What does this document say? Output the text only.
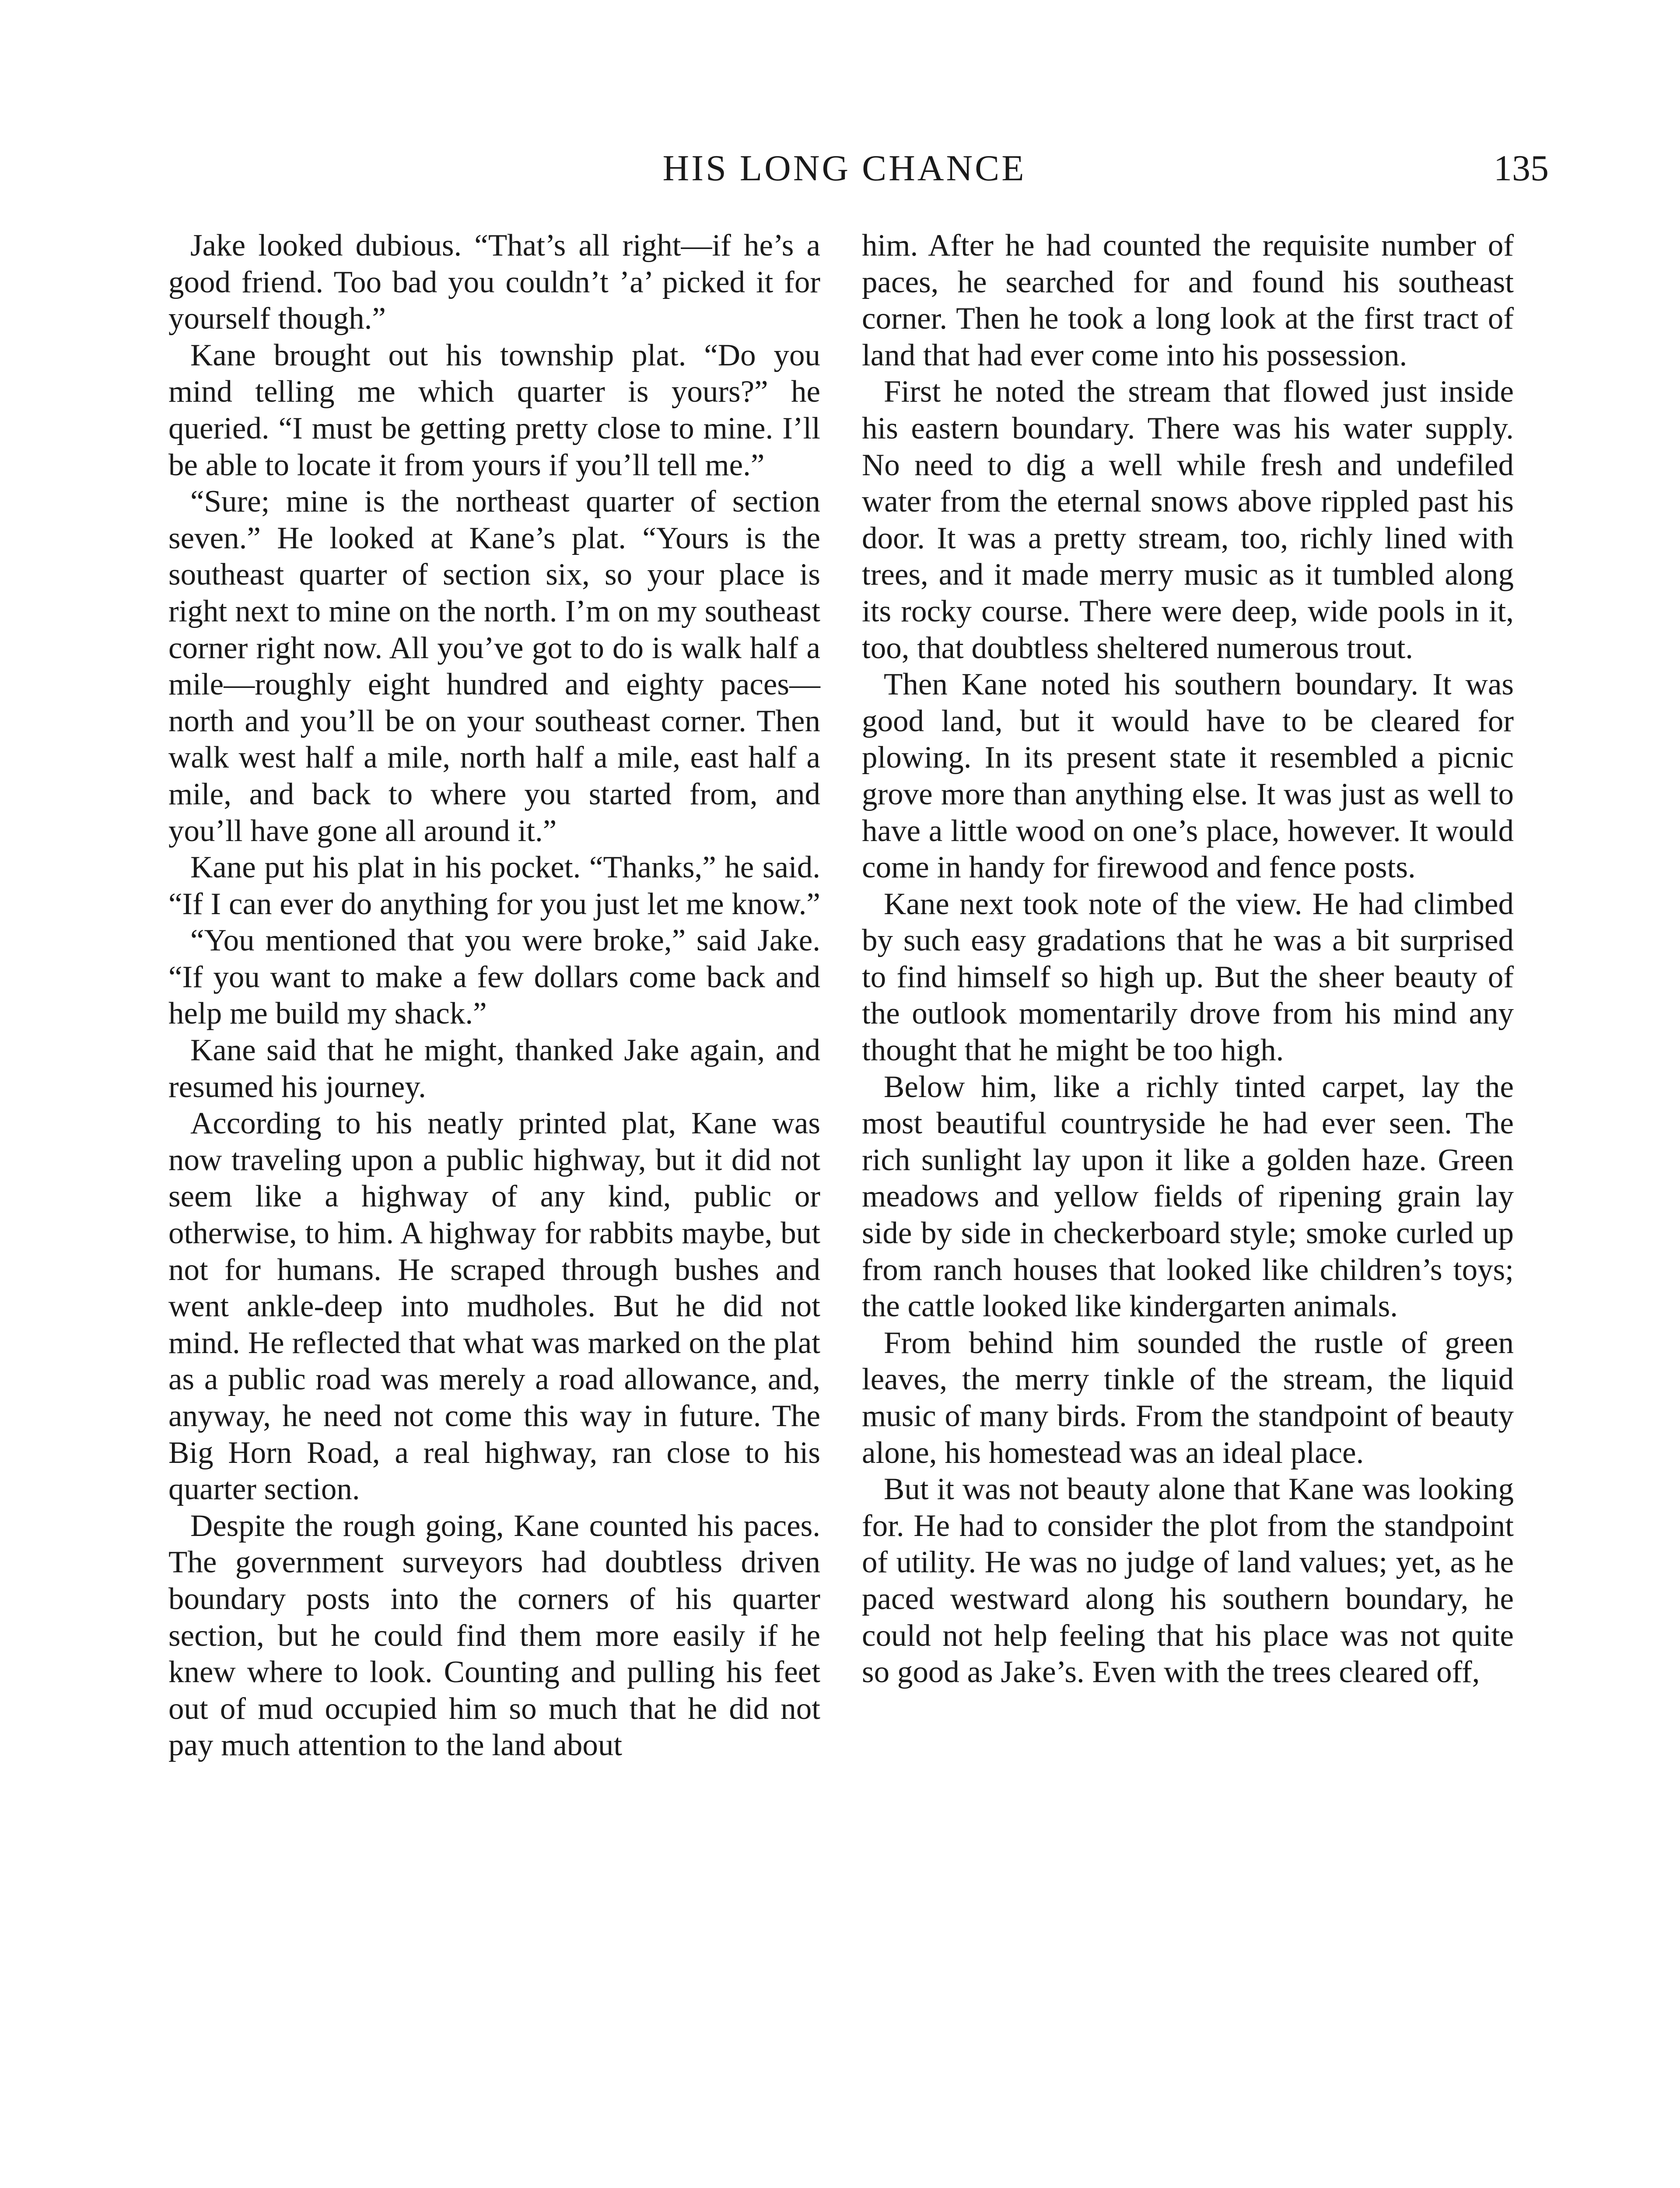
HIS LONG CHANCE	135

Jake looked dubious. “That’s all right—if he’s a good friend. Too bad you couldn’t ’a’ picked it for yourself though.”

Kane brought out his township plat. “Do you mind telling me which quarter is yours?” he queried. “I must be getting pretty close to mine. I’ll be able to locate it from yours if you’ll tell me.”

“Sure; mine is the northeast quarter of section seven.” He looked at Kane’s plat. “Yours is the southeast quarter of section six, so your place is right next to mine on the north. I’m on my southeast corner right now. All you’ve got to do is walk half a mile—roughly eight hundred and eighty paces—north and you’ll be on your southeast corner. Then walk west half a mile, north half a mile, east half a mile, and back to where you started from, and you’ll have gone all around it.”

Kane put his plat in his pocket. “Thanks,” he said. “If I can ever do anything for you just let me know.”

“You mentioned that you were broke,” said Jake. “If you want to make a few dollars come back and help me build my shack.”

Kane said that he might, thanked Jake again, and resumed his journey.

According to his neatly printed plat, Kane was now traveling upon a public highway, but it did not seem like a highway of any kind, public or otherwise, to him. A highway for rabbits maybe, but not for humans. He scraped through bushes and went ankle-deep into mudholes. But he did not mind. He reflected that what was marked on the plat as a public road was merely a road allowance, and, anyway, he need not come this way in future. The Big Horn Road, a real highway, ran close to his quarter section.

Despite the rough going, Kane counted his paces. The government surveyors had doubtless driven boundary posts into the corners of his quarter section, but he could find them more easily if he knew where to look. Counting and pulling his feet out of mud occupied him so much that he did not pay much attention to the land about

him. After he had counted the requisite number of paces, he searched for and found his southeast corner. Then he took a long look at the first tract of land that had ever come into his possession.

First he noted the stream that flowed just inside his eastern boundary. There was his water supply. No need to dig a well while fresh and undefiled water from the eternal snows above rippled past his door. It was a pretty stream, too, richly lined with trees, and it made merry music as it tumbled along its rocky course. There were deep, wide pools in it, too, that doubtless sheltered numerous trout.

Then Kane noted his southern boundary. It was good land, but it would have to be cleared for plowing. In its present state it resembled a picnic grove more than anything else. It was just as well to have a little wood on one’s place, however. It would come in handy for firewood and fence posts.

Kane next took note of the view. He had climbed by such easy gradations that he was a bit surprised to find himself so high up. But the sheer beauty of the outlook momentarily drove from his mind any thought that he might be too high.

Below him, like a richly tinted carpet, lay the most beautiful countryside he had ever seen. The rich sunlight lay upon it like a golden haze. Green meadows and yellow fields of ripening grain lay side by side in checkerboard style; smoke curled up from ranch houses that looked like children’s toys; the cattle looked like kindergarten animals.

From behind him sounded the rustle of green leaves, the merry tinkle of the stream, the liquid music of many birds. From the standpoint of beauty alone, his homestead was an ideal place.

But it was not beauty alone that Kane was looking for. He had to consider the plot from the standpoint of utility. He was no judge of land values; yet, as he paced westward along his southern boundary, he could not help feeling that his place was not quite so good as Jake’s. Even with the trees cleared off,
